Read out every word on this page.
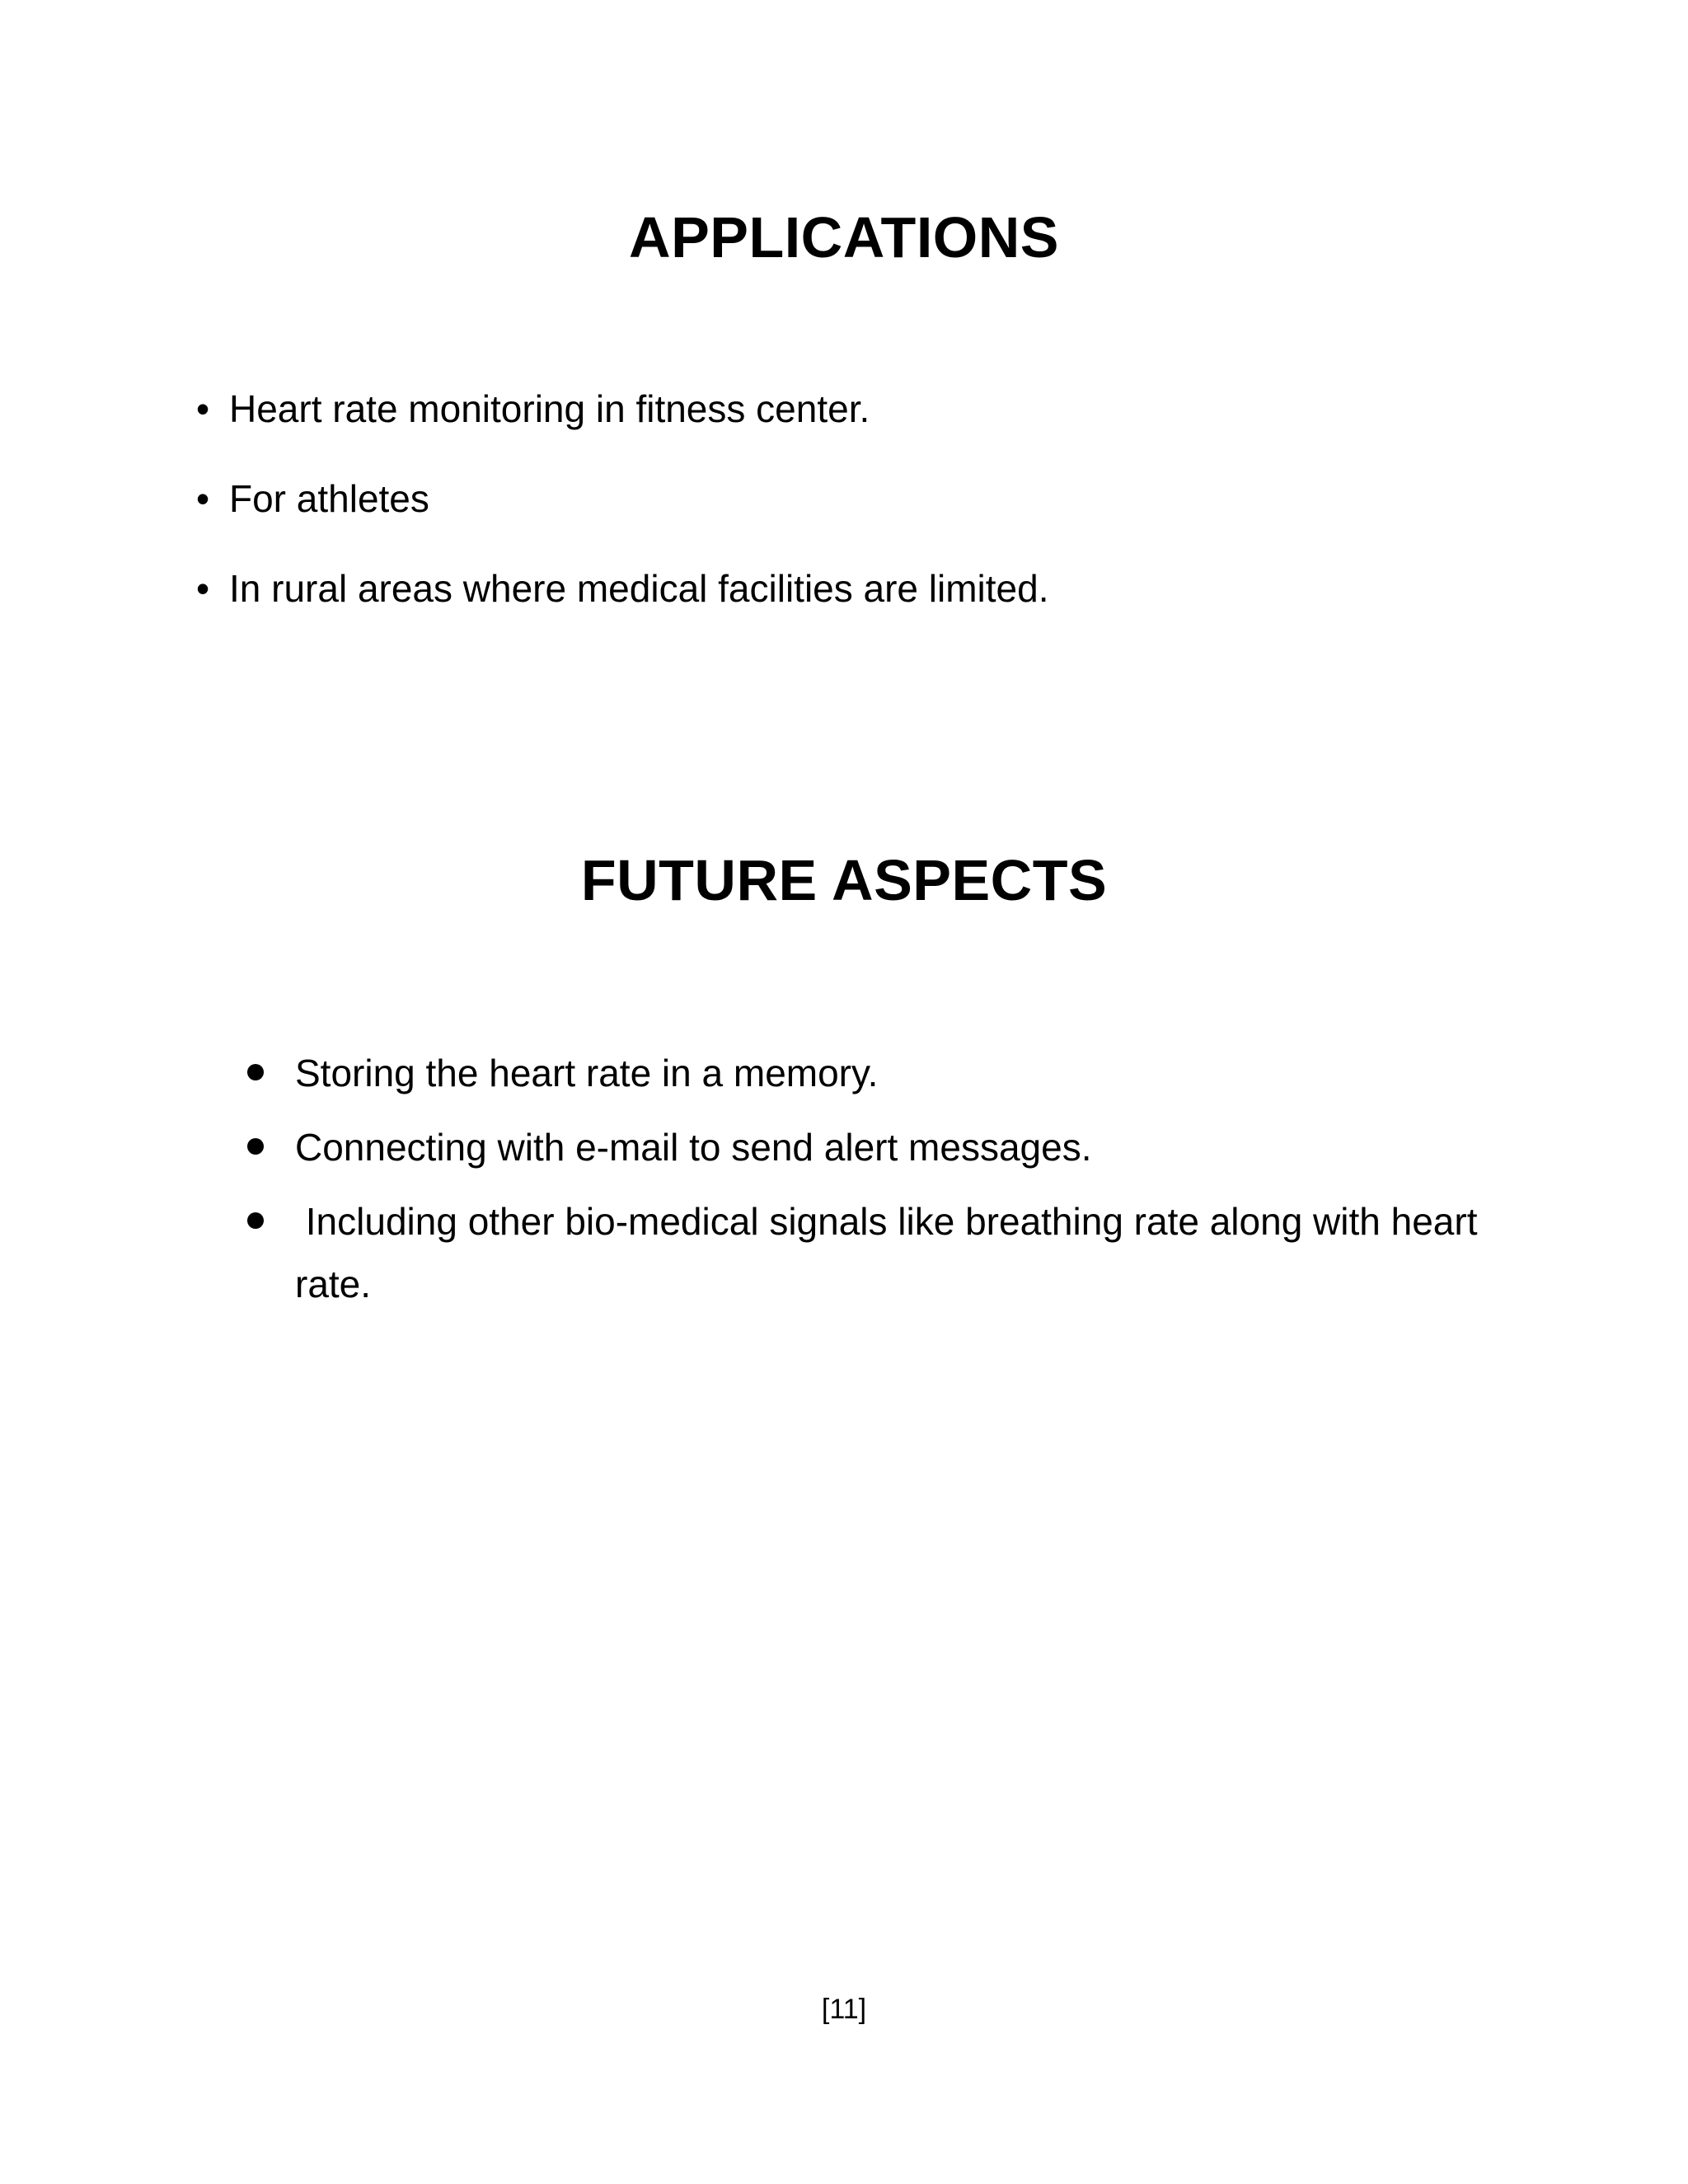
APPLICATIONS
• Heart rate monitoring in fitness center.
• For athletes
• In rural areas where medical facilities are limited.
FUTURE ASPECTS
Storing the heart rate in a memory.
Connecting with e-mail to send alert messages.
Including other bio-medical signals like breathing rate along with heart rate.
[11]
